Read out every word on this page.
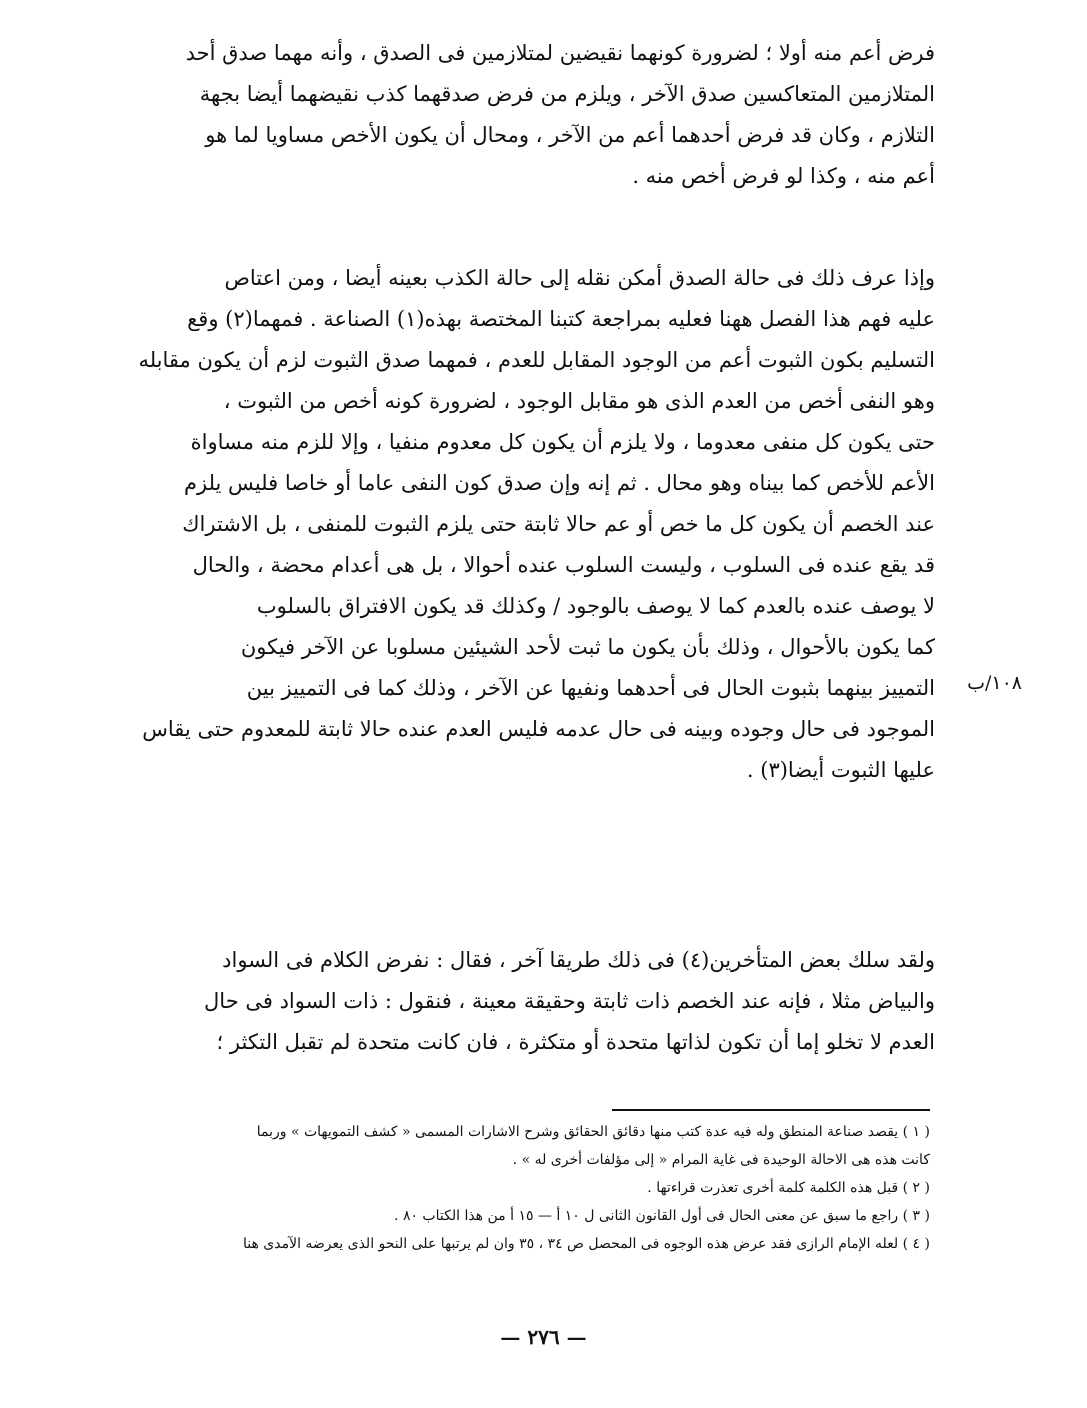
فرض أعم منه أولا ؛ لضرورة كونهما نقيضين لمتلازمين فى الصدق ، وأنه مهما صدق أحد
المتلازمين المتعاكسين صدق الآخر ، ويلزم من فرض صدقهما كذب نقيضهما أيضا بجهة
التلازم ، وكان قد فرض أحدهما أعم من الآخر ، ومحال أن يكون الأخص مساويا لما هو
أعم منه ، وكذا لو فرض أخص منه .
وإذا عرف ذلك فى حالة الصدق أمكن نقله إلى حالة الكذب بعينه أيضا ، ومن اعتاص
عليه فهم هذا الفصل ههنا فعليه بمراجعة كتبنا المختصة بهذه(١) الصناعة . فمهما(٢) وقع
التسليم بكون الثبوت أعم من الوجود المقابل للعدم ، فمهما صدق الثبوت لزم أن يكون مقابله
وهو النفى أخص من العدم الذى هو مقابل الوجود ، لضرورة كونه أخص من الثبوت ،
حتى يكون كل منفى معدوما ، ولا يلزم أن يكون كل معدوم منفيا ، وإلا للزم منه مساواة
الأعم للأخص كما بيناه وهو محال . ثم إنه وإن صدق كون النفى عاما أو خاصا فليس يلزم
عند الخصم أن يكون كل ما خص أو عم حالا ثابتة حتى يلزم الثبوت للمنفى ، بل الاشتراك
قد يقع عنده فى السلوب ، وليست السلوب عنده أحوالا ، بل هى أعدام محضة ، والحال
لا يوصف عنده بالعدم كما لا يوصف بالوجود / وكذلك قد يكون الافتراق بالسلوب
كما يكون بالأحوال ، وذلك بأن يكون ما ثبت لأحد الشيئين مسلوبا عن الآخر فيكون
التمييز بينهما بثبوت الحال فى أحدهما ونفيها عن الآخر ، وذلك كما فى التمييز بين
الموجود فى حال وجوده وبينه فى حال عدمه فليس العدم عنده حالا ثابتة للمعدوم حتى يقاس
عليها الثبوت أيضا(٣) .
١٠٨/ب
ولقد سلك بعض المتأخرين(٤) فى ذلك طريقا آخر ، فقال : نفرض الكلام فى السواد
والبياض مثلا ، فإنه عند الخصم ذات ثابتة وحقيقة معينة ، فنقول : ذات السواد فى حال
العدم لا تخلو إما أن تكون لذاتها متحدة أو متكثرة ، فان كانت متحدة لم تقبل التكثر ؛
( ١ ) يقصد صناعة المنطق وله فيه عدة كتب منها دقائق الحقائق وشرح الاشارات المسمى « كشف التمويهات » وربما
كانت هذه هى الاحالة الوحيدة فى غاية المرام « إلى مؤلفات أخرى له » .
( ٢ ) قبل هذه الكلمة كلمة أخرى تعذرت قراءتها .
( ٣ ) راجع ما سبق عن معنى الحال فى أول القانون الثانى ل ١٠ أ — ١٥ أ من هذا الكتاب ٨٠ .
( ٤ ) لعله الإمام الرازى فقد عرض هذه الوجوه فى المحصل ص ٣٤ ، ٣٥ وان لم يرتبها على النحو الذى يعرضه الآمدى هنا
— ٢٧٦ —
